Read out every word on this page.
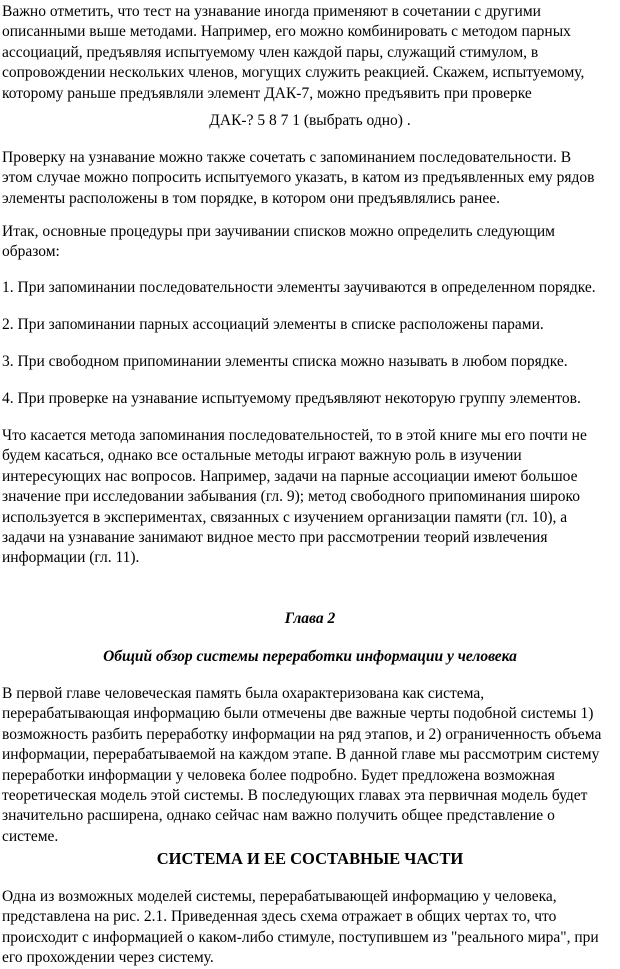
Важно отметить, что тест на узнавание иногда применяют в сочетании с другими
описанными выше методами. Например, его можно комбинировать с методом парных
ассоциаций, предъявляя испытуемому член каждой пары, служащий стимулом, в
сопровождении нескольких членов, могущих служить реакцией. Скажем, испытуемому,
которому раньше предъявляли элемент ДАК-7, можно предъявить при проверке

ДАК-? 5 8 7 1 (выбрать одно) .

Проверку на узнавание можно также сочетать с запоминанием последовательности. В
этом случае можно попросить испытуемого указать, в катом из предъявленных ему рядов
элементы расположены в том порядке, в котором они предъявлялись ранее.

Итак, основные процедуры при заучивании списков можно определить следующим
образом:

1. При запоминании последовательности элементы заучиваются в определенном порядке.

2. При запоминании парных ассоциаций элементы в списке расположены парами.

3. При свободном припоминании элементы списка можно называть в любом порядке.

4. При проверке на узнавание испытуемому предъявляют некоторую группу элементов.

Что касается метода запоминания последовательностей, то в этой книге мы его почти не
будем касаться, однако все остальные методы играют важную роль в изучении
интересующих нас вопросов. Например, задачи на парные ассоциации имеют большое
значение при исследовании забывания (гл. 9); метод свободного припоминания широко
используется в экспериментах, связанных с изучением организации памяти (гл. 10), а
задачи на узнавание занимают видное место при рассмотрении теорий извлечения
информации (гл. 11).

Глава 2

Общий обзор системы переработки информации у человека

В первой главе человеческая память была охарактеризована как система,
перерабатывающая информацию были отмечены две важные черты подобной системы 1)
возможность разбить переработку информации на ряд этапов, и 2) ограниченность объема
информации, перерабатываемой на каждом этапе. В данной главе мы рассмотрим систему
переработки информации у человека более подробно. Будет предложена возможная
теоретическая модель этой системы. В последующих главах эта первичная модель будет
значительно расширена, однако сейчас нам важно получить общее представление о
системе.

СИСТЕМА И ЕЕ СОСТАВНЫЕ ЧАСТИ

Одна из возможных моделей системы, перерабатывающей информацию у человека,
представлена на рис. 2.1. Приведенная здесь схема отражает в общих чертах то, что
происходит с информацией о каком-либо стимуле, поступившем из "реального мира", при
его прохождении через систему.
